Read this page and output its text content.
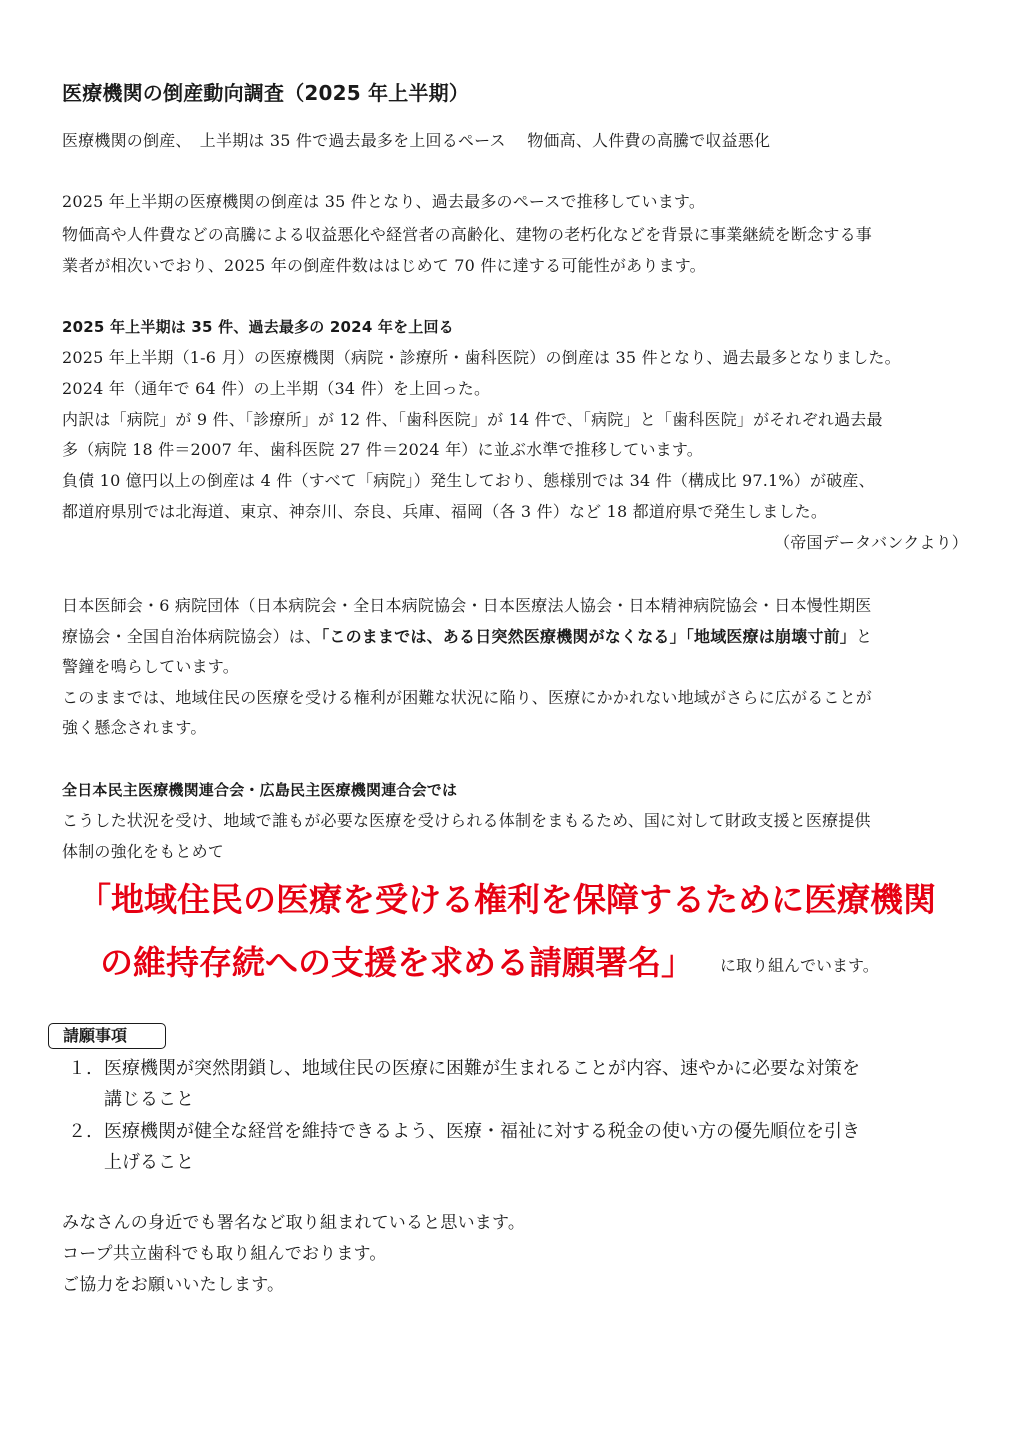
医療機関の倒産動向調査（2025 年上半期）
医療機関の倒産、　上半期は 35 件で過去最多を上回るペース　 物価高、人件費の高騰で収益悪化
2025 年上半期の医療機関の倒産は 35 件となり、過去最多のペースで推移しています。
物価高や人件費などの高騰による収益悪化や経営者の高齢化、建物の老朽化などを背景に事業継続を断念する事
業者が相次いでおり、2025 年の倒産件数ははじめて 70 件に達する可能性があります。
2025 年上半期は 35 件、過去最多の 2024 年を上回る
2025 年上半期（1-6 月）の医療機関（病院・診療所・歯科医院）の倒産は 35 件となり、過去最多となりました。
2024 年（通年で 64 件）の上半期（34 件）を上回った。
内訳は「病院」が 9 件、「診療所」が 12 件、「歯科医院」が 14 件で、「病院」と「歯科医院」がそれぞれ過去最
多（病院 18 件＝2007 年、歯科医院 27 件＝2024 年）に並ぶ水準で推移しています。
負債 10 億円以上の倒産は 4 件（すべて「病院」）発生しており、態様別では 34 件（構成比 97.1%）が破産、
都道府県別では北海道、東京、神奈川、奈良、兵庫、福岡（各 3 件）など 18 都道府県で発生しました。
（帝国データバンクより）
日本医師会・6 病院団体（日本病院会・全日本病院協会・日本医療法人協会・日本精神病院協会・日本慢性期医
療協会・全国自治体病院協会）は、「このままでは、ある日突然医療機関がなくなる」「地域医療は崩壊寸前」と
警鐘を鳴らしています。
このままでは、地域住民の医療を受ける権利が困難な状況に陥り、医療にかかれない地域がさらに広がることが
強く懸念されます。
全日本民主医療機関連合会・広島民主医療機関連合会では
こうした状況を受け、地域で誰もが必要な医療を受けられる体制をまもるため、国に対して財政支援と医療提供
体制の強化をもとめて
「地域住民の医療を受ける権利を保障するために医療機関
の維持存続への支援を求める請願署名」 に取り組んでいます。
請願事項
１. 医療機関が突然閉鎖し、地域住民の医療に困難が生まれることが内容、速やかに必要な対策を
講じること
２. 医療機関が健全な経営を維持できるよう、医療・福祉に対する税金の使い方の優先順位を引き
上げること
みなさんの身近でも署名など取り組まれていると思います。
コープ共立歯科でも取り組んでおります。
ご協力をお願いいたします。
